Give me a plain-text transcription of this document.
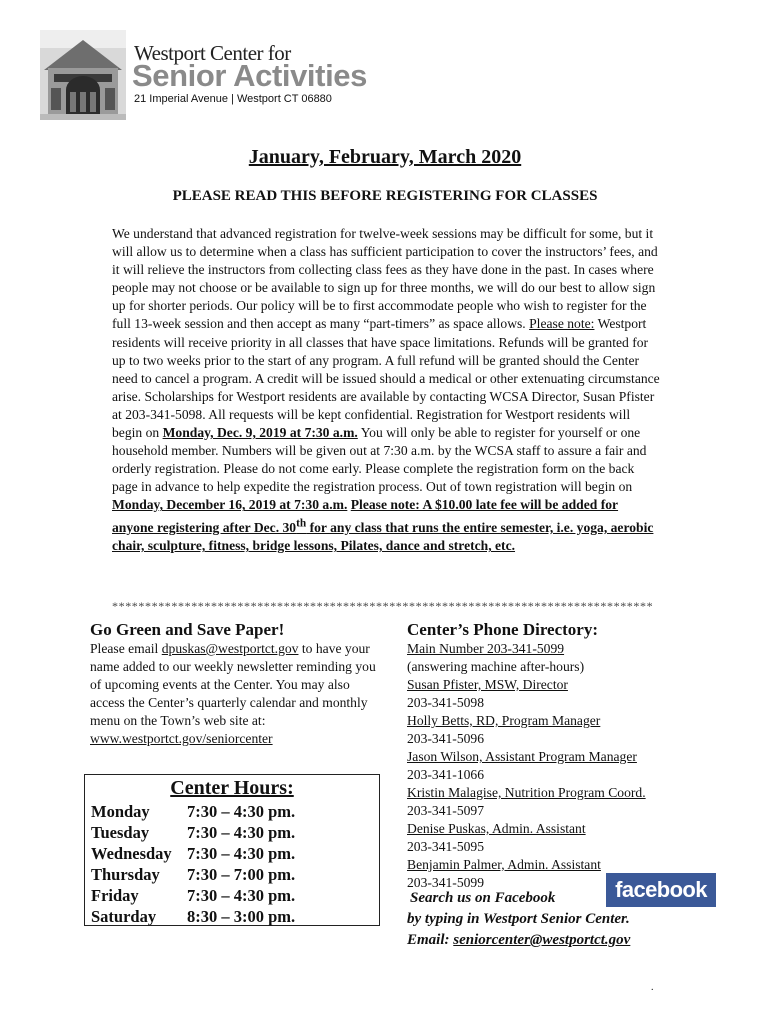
Westport Center for
Senior Activities
21 Imperial Avenue | Westport CT 06880
January, February, March 2020
PLEASE READ THIS BEFORE REGISTERING FOR CLASSES

We understand that advanced registration for twelve-week sessions may be difficult for some, but it will allow us to determine when a class has sufficient participation to cover the instructors’ fees, and it will relieve the instructors from collecting class fees as they have done in the past. In cases where people may not choose or be available to sign up for three months, we will do our best to allow sign up for shorter periods. Our policy will be to first accommodate people who wish to register for the full 13-week session and then accept as many “part-timers” as space allows. Please note: Westport residents will receive priority in all classes that have space limitations. Refunds will be granted for up to two weeks prior to the start of any program. A full refund will be granted should the Center need to cancel a program. A credit will be issued should a medical or other extenuating circumstance arise. Scholarships for Westport residents are available by contacting WCSA Director, Susan Pfister at 203-341-5098. All requests will be kept confidential. Registration for Westport residents will begin on Monday, Dec. 9, 2019 at 7:30 a.m. You will only be able to register for yourself or one household member. Numbers will be given out at 7:30 a.m. by the WCSA staff to assure a fair and orderly registration. Please do not come early. Please complete the registration form on the back page in advance to help expedite the registration process. Out of town registration will begin on Monday, December 16, 2019 at 7:30 a.m. Please note: A $10.00 late fee will be added for anyone registering after Dec. 30th for any class that runs the entire semester, i.e. yoga, aerobic chair, sculpture, fitness, bridge lessons, Pilates, dance and stretch, etc.

**********************************************************************************
Go Green and Save Paper!
Please email dpuskas@westportct.gov to have your name added to our weekly newsletter reminding you of upcoming events at the Center. You may also access the Center’s quarterly calendar and monthly menu on the Town’s web site at:
www.westportct.gov/seniorcenter
Center Hours:
Monday	7:30 – 4:30 pm.
Tuesday	7:30 – 4:30 pm.
Wednesday	7:30 – 4:30 pm.
Thursday	7:30 – 7:00 pm.
Friday	7:30 – 4:30 pm.
Saturday	8:30 – 3:00 pm.
Center’s Phone Directory:
Main Number 203-341-5099
(answering machine after-hours)
Susan Pfister, MSW, Director
203-341-5098
Holly Betts, RD, Program Manager
203-341-5096
Jason Wilson, Assistant Program Manager
203-341-1066
Kristin Malagise, Nutrition Program Coord.
203-341-5097
Denise Puskas, Admin. Assistant
203-341-5095
Benjamin Palmer, Admin. Assistant
203-341-5099	facebook
Search us on Facebook
by typing in Westport Senior Center.
Email: seniorcenter@westportct.gov
.
